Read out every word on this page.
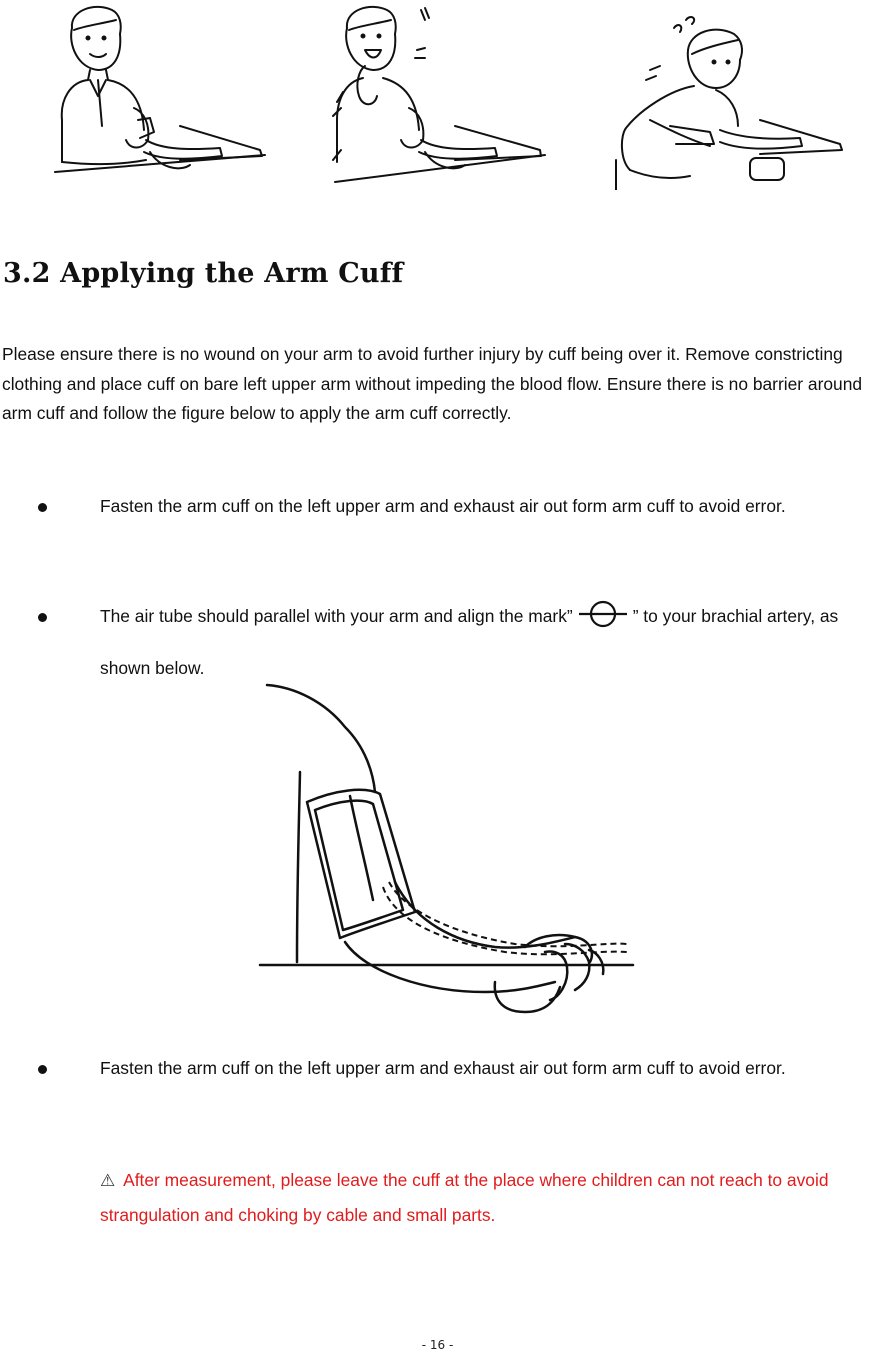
3.2 Applying the Arm Cuff
Please ensure there is no wound on your arm to avoid further injury by cuff being over it. Remove constricting clothing and place cuff on bare left upper arm without impeding the blood flow. Ensure there is no barrier around arm cuff and follow the figure below to apply the arm cuff correctly.
Fasten the arm cuff on the left upper arm and exhaust air out form arm cuff to avoid error.
The air tube should parallel with your arm and align the mark”	” to your brachial artery, as shown below.
Fasten the arm cuff on the left upper arm and exhaust air out form arm cuff to avoid error.
⚠ After measurement, please leave the cuff at the place where children can not reach to avoid strangulation and choking by cable and small parts.
- 16 -
